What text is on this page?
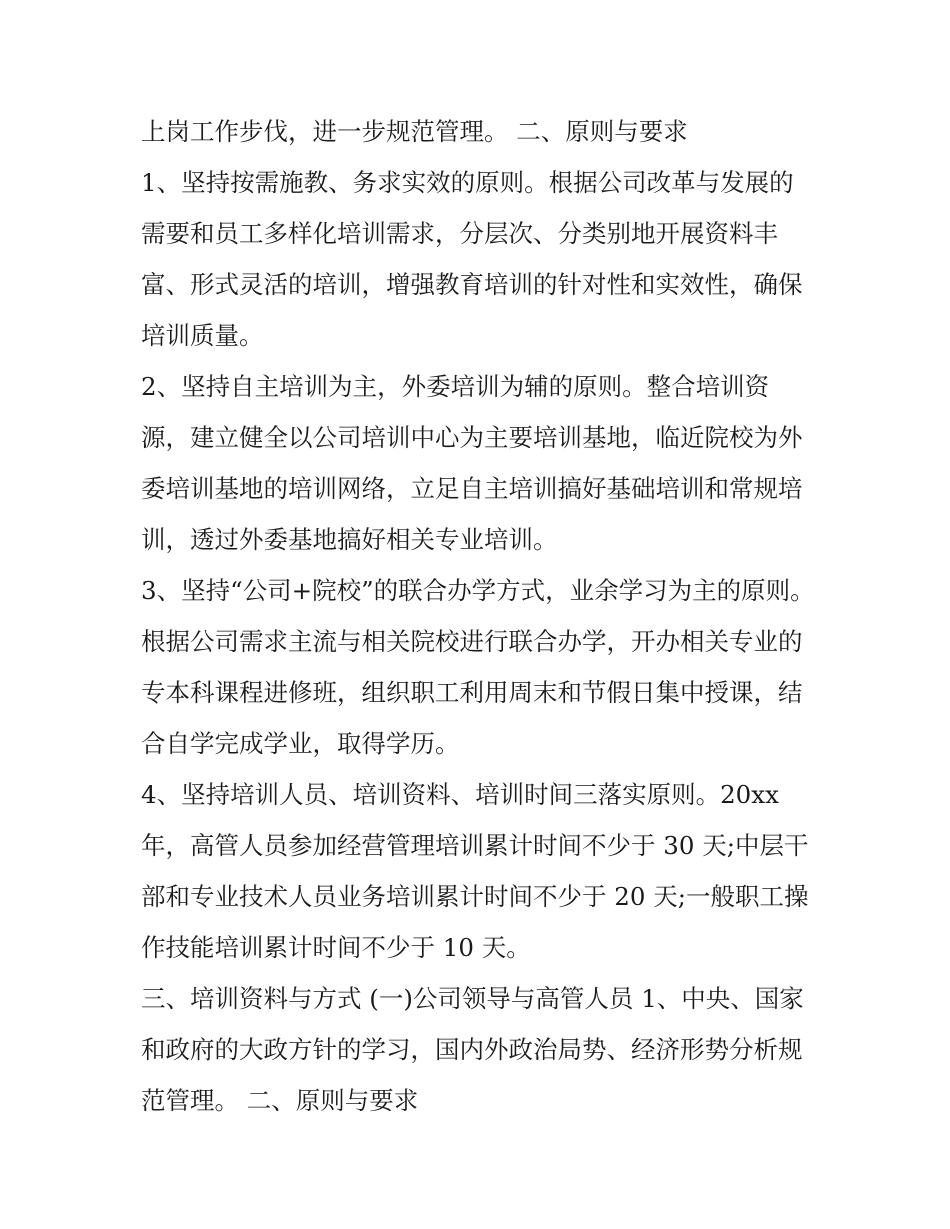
上岗工作步伐，进一步规范管理。 二、原则与要求
1、坚持按需施教、务求实效的原则。根据公司改革与发展的
需要和员工多样化培训需求，分层次、分类别地开展资料丰
富、形式灵活的培训，增强教育培训的针对性和实效性，确保
培训质量。
2、坚持自主培训为主，外委培训为辅的原则。整合培训资
源，建立健全以公司培训中心为主要培训基地，临近院校为外
委培训基地的培训网络，立足自主培训搞好基础培训和常规培
训，透过外委基地搞好相关专业培训。
3、坚持“公司+院校”的联合办学方式，业余学习为主的原则。
根据公司需求主流与相关院校进行联合办学，开办相关专业的
专本科课程进修班，组织职工利用周末和节假日集中授课，结
合自学完成学业，取得学历。
4、坚持培训人员、培训资料、培训时间三落实原则。20xx
年，高管人员参加经营管理培训累计时间不少于 30 天;中层干
部和专业技术人员业务培训累计时间不少于 20 天;一般职工操
作技能培训累计时间不少于 10 天。
三、培训资料与方式 (一)公司领导与高管人员 1、中央、国家
和政府的大政方针的学习，国内外政治局势、经济形势分析规
范管理。 二、原则与要求
